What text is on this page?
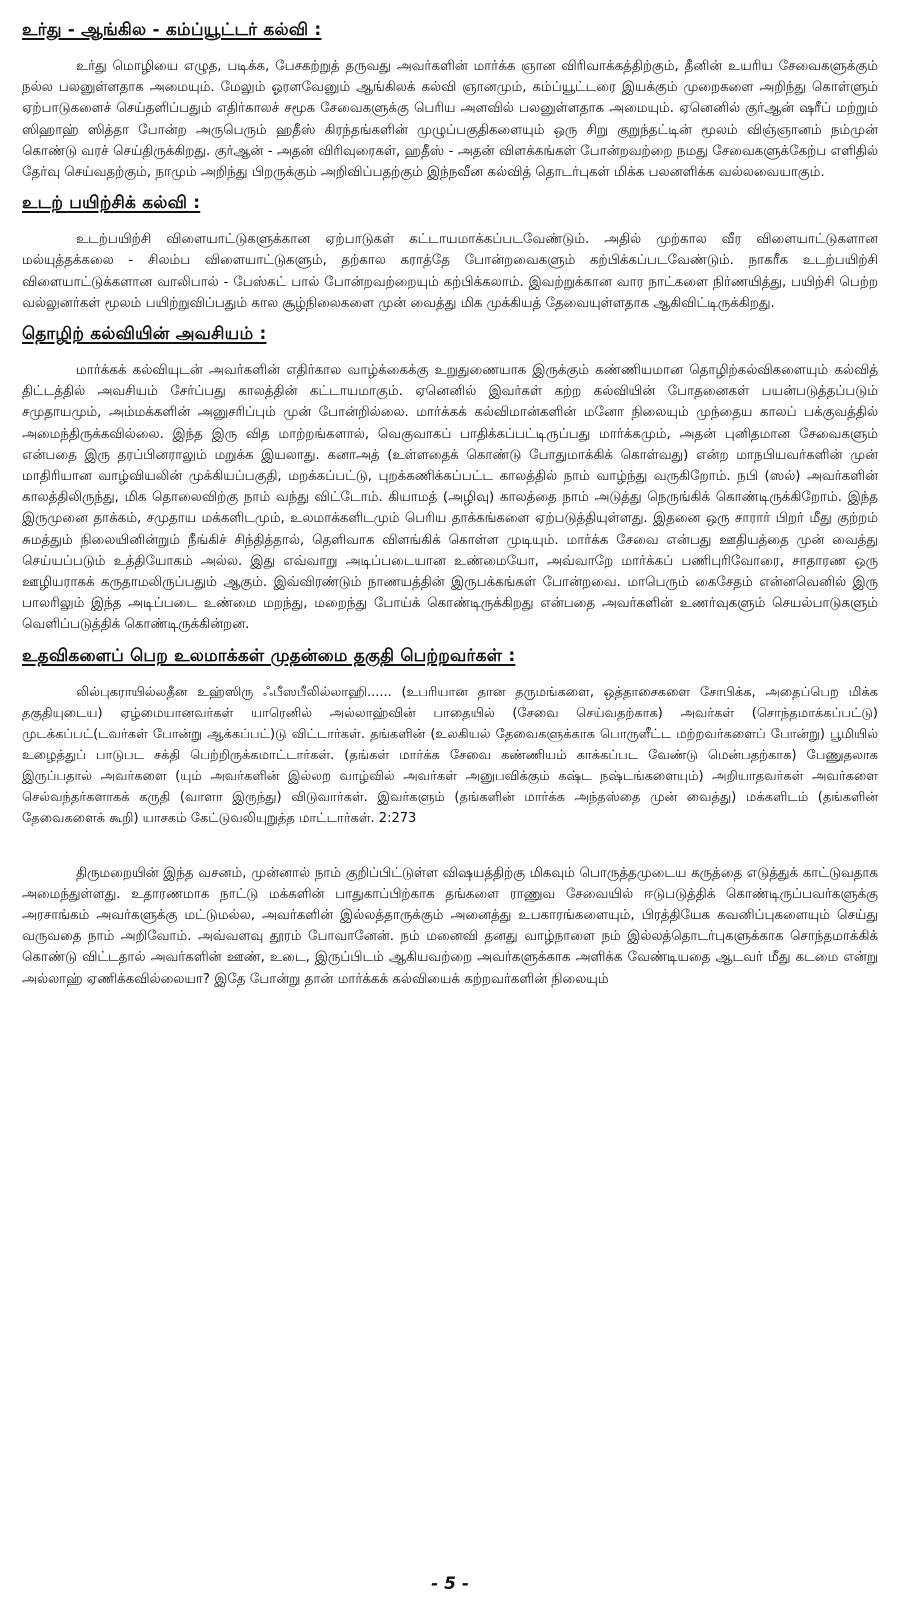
உர்து - ஆங்கில - கம்ப்யூட்டர் கல்வி :

உர்து மொழியை எழுத, படிக்க, பேசகற்றுத் தருவது அவர்களின் மார்க்க ஞான விரிவாக்கத்திற்கும், தீனின் உயரிய சேவைகளுக்கும் நல்ல பலனுள்ளதாக அமையும். மேலும் ஓரளவேனும் ஆங்கிலக் கல்வி ஞானமும், கம்ப்யூட்டரை இயக்கும் முறைகளை அறிந்து கொள்ளும் ஏற்பாடுகளைச் செய்தளிப்பதும் எதிர்காலச் சமூக சேவைகளுக்கு பெரிய அளவில் பலனுள்ளதாக அமையும். ஏனெனில் குர்ஆன் ஷரீப் மற்றும் ஸிஹாஹ் ஸித்தா போன்ற அருபெரும் ஹதீஸ் கிரந்தங்களின் முழுப்பகுதிகளையும் ஒரு சிறு குறுந்தட்டின் மூலம் விஞ்ஞானம் நம்முன் கொண்டு வரச் செய்திருக்கிறது. குர்ஆன் - அதன் விரிவுரைகள், ஹதீஸ் - அதன் விளக்கங்கள் போன்றவற்றை நமது சேவைகளுக்கேற்ப எளிதில் தேர்வு செய்வதற்கும், நாமும் அறிந்து பிறருக்கும் அறிவிப்பதற்கும் இந்நவீன கல்வித் தொடர்புகள் மிக்க பலனளிக்க வல்லவையாகும்.

உடற் பயிற்சிக் கல்வி :

உடற்பயிற்சி விளையாட்டுகளுக்கான ஏற்பாடுகள் கட்டாயமாக்கப்படவேண்டும். அதில் முற்கால வீர விளையாட்டுகளான மல்யுத்தக்கலை - சிலம்ப விளையாட்டுகளும், தற்கால கராத்தே போன்றவைகளும் கற்பிக்கப்படவேண்டும். நாகரீக உடற்பயிற்சி விளையாட்டுக்களான வாலிபால் - பேஸ்கட் பால் போன்றவற்றையும் கற்பிக்கலாம். இவற்றுக்கான வார நாட்களை நிர்ணயித்து, பயிற்சி பெற்ற வல்லுனர்கள் மூலம் பயிற்றுவிப்பதும் கால சூழ்நிலைகளை முன் வைத்து மிக முக்கியத் தேவையுள்ளதாக ஆகிவிட்டிருக்கிறது.

தொழிற் கல்வியின் அவசியம் :

மார்க்கக் கல்வியுடன் அவர்களின் எதிர்கால வாழ்க்கைக்கு உறுதுணையாக இருக்கும் கண்ணியமான தொழிற்கல்விகளையும் கல்வித் திட்டத்தில் அவசியம் சேர்ப்பது காலத்தின் கட்டாயமாகும். ஏனெனில் இவர்கள் கற்ற கல்வியின் போதனைகள் பயன்படுத்தப்படும் சமுதாயமும், அம்மக்களின் அனுசரிப்பும் முன் போன்றில்லை. மார்க்கக் கல்விமான்களின் மனோ நிலையும் முந்தைய காலப் பக்குவத்தில் அமைந்திருக்கவில்லை. இந்த இரு வித மாற்றங்களால், வெகுவாகப் பாதிக்கப்பட்டிருப்பது மார்க்கமும், அதன் புனிதமான சேவைகளும் என்பதை இரு தரப்பினராலும் மறுக்க இயலாது. கனாஅத் (உள்ளதைக் கொண்டு போதுமாக்கிக் கொள்வது) என்ற மாநபியவர்களின் முன் மாதிரியான வாழ்வியலின் முக்கியப்பகுதி, மறக்கப்பட்டு, புறக்கணிக்கப்பட்ட காலத்தில் நாம் வாழ்ந்து வருகிறோம். நபி (ஸல்) அவர்களின் காலத்திலிருந்து, மிக தொலைவிற்கு நாம் வந்து விட்டோம். கியாமத் (அழிவு) காலத்தை நாம் அடுத்து நெருங்கிக் கொண்டிருக்கிறோம். இந்த இருமுனை தாக்கம், சமுதாய மக்களிடமும், உலமாக்களிடமும் பெரிய தாக்கங்களை ஏற்படுத்தியுள்ளது. இதனை ஒரு சாரார் பிறர் மீது குற்றம் சுமத்தும் நிலையினின்றும் நீங்கிச் சிந்தித்தால், தெளிவாக விளங்கிக் கொள்ள முடியும். மார்க்க சேவை என்பது ஊதியத்தை முன் வைத்து செய்யப்படும் உத்தியோகம் அல்ல. இது எவ்வாறு அடிப்படையான உண்மையோ, அவ்வாறே மார்க்கப் பணிபுரிவோரை, சாதாரண ஒரு ஊழியராகக் கருதாமலிருப்பதும் ஆகும். இவ்விரண்டும் நாணயத்தின் இருபக்கங்கள் போன்றவை. மாபெரும் கைசேதம் என்னவெனில் இரு பாலரிலும் இந்த அடிப்படை உண்மை மறந்து, மறைந்து போய்க் கொண்டிருக்கிறது என்பதை அவர்களின் உணர்வுகளும் செயல்பாடுகளும் வெளிப்படுத்திக் கொண்டிருக்கின்றன.

உதவிகளைப் பெற உலமாக்கள் முதன்மை தகுதி பெற்றவர்கள் :

லில்புகராயில்லதீன உஹ்ஸிரு ஃபீஸபீலில்லாஹி...... (உபரியான தான தருமங்களை, ஒத்தாசைகளை சோபிக்க, அதைப்பெற மிக்க தகுதியுடைய) ஏழ்மையானவர்கள் யாரெனில் அல்லாஹ்வின் பாதையில் (சேவை செய்வதற்காக) அவர்கள் (சொந்தமாக்கப்பட்டு) முடக்கப்பட்(டவர்கள் போன்று ஆக்கப்பட்)டு விட்டார்கள். தங்களின் (உலகியல் தேவைகளுக்காக பொருளீட்ட மற்றவர்களைப் போன்று) பூமியில் உழைத்துப் பாடுபட சக்தி பெற்றிருக்கமாட்டார்கள். (தங்கள் மார்க்க சேவை கண்ணியம் காக்கப்பட வேண்டு மென்பதற்காக) பேணுதலாக இருப்பதால் அவர்களை (யும் அவர்களின் இல்லற வாழ்வில் அவர்கள் அனுபவிக்கும் கஷ்ட நஷ்டங்களையும்) அறியாதவர்கள் அவர்களை செல்வந்தர்களாகக் கருதி (வாளா இருந்து) விடுவார்கள். இவர்களும் (தங்களின் மார்க்க அந்தஸ்தை முன் வைத்து) மக்களிடம் (தங்களின் தேவைகளைக் கூறி) யாசகம் கேட்டுவலியுறுத்த மாட்டார்கள். 2:273

திருமறையின் இந்த வசனம், முன்னால் நாம் குறிப்பிட்டுள்ள விஷயத்திற்கு மிகவும் பொருத்தமுடைய கருத்தை எடுத்துக் காட்டுவதாக அமைந்துள்ளது. உதாரணமாக நாட்டு மக்களின் பாதுகாப்பிற்காக தங்களை ராணுவ சேவையில் ஈடுபடுத்திக் கொண்டிருப்பவர்களுக்கு அரசாங்கம் அவர்களுக்கு மட்டுமல்ல, அவர்களின் இல்லத்தாருக்கும் அனைத்து உபகாரங்களையும், பிரத்தியேக கவனிப்புகளையும் செய்து வருவதை நாம் அறிவோம். அவ்வளவு தூரம் போவானேன். நம் மனைவி தனது வாழ்நாளை நம் இல்லத்தொடர்புகளுக்காக சொந்தமாக்கிக் கொண்டு விட்டதால் அவர்களின் ஊண், உடை, இருப்பிடம் ஆகியவற்றை அவர்களுக்காக அளிக்க வேண்டியதை ஆடவர் மீது கடமை என்று அல்லாஹ் ஏணிக்கவில்லையா? இதே போன்று தான் மார்க்கக் கல்வியைக் கற்றவர்களின் நிலையும்

- 5 -
